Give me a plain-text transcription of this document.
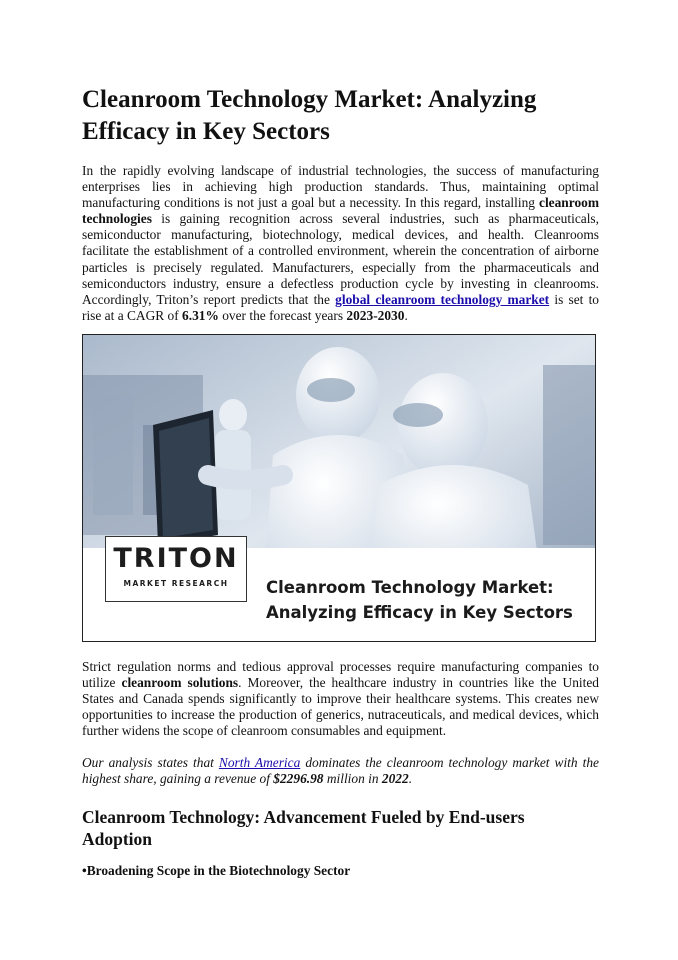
Cleanroom Technology Market: Analyzing Efficacy in Key Sectors

In the rapidly evolving landscape of industrial technologies, the success of manufacturing enterprises lies in achieving high production standards. Thus, maintaining optimal manufacturing conditions is not just a goal but a necessity. In this regard, installing cleanroom technologies is gaining recognition across several industries, such as pharmaceuticals, semiconductor manufacturing, biotechnology, medical devices, and health. Cleanrooms facilitate the establishment of a controlled environment, wherein the concentration of airborne particles is precisely regulated. Manufacturers, especially from the pharmaceuticals and semiconductors industry, ensure a defectless production cycle by investing in cleanrooms. Accordingly, Triton’s report predicts that the global cleanroom technology market is set to rise at a CAGR of 6.31% over the forecast years 2023-2030.

TRITON
MARKET RESEARCH	Cleanroom Technology Market:
Analyzing Efficacy in Key Sectors

Strict regulation norms and tedious approval processes require manufacturing companies to utilize cleanroom solutions. Moreover, the healthcare industry in countries like the United States and Canada spends significantly to improve their healthcare systems. This creates new opportunities to increase the production of generics, nutraceuticals, and medical devices, which further widens the scope of cleanroom consumables and equipment.

Our analysis states that North America dominates the cleanroom technology market with the highest share, gaining a revenue of $2296.98 million in 2022.

Cleanroom Technology: Advancement Fueled by End-users Adoption

•Broadening Scope in the Biotechnology Sector
